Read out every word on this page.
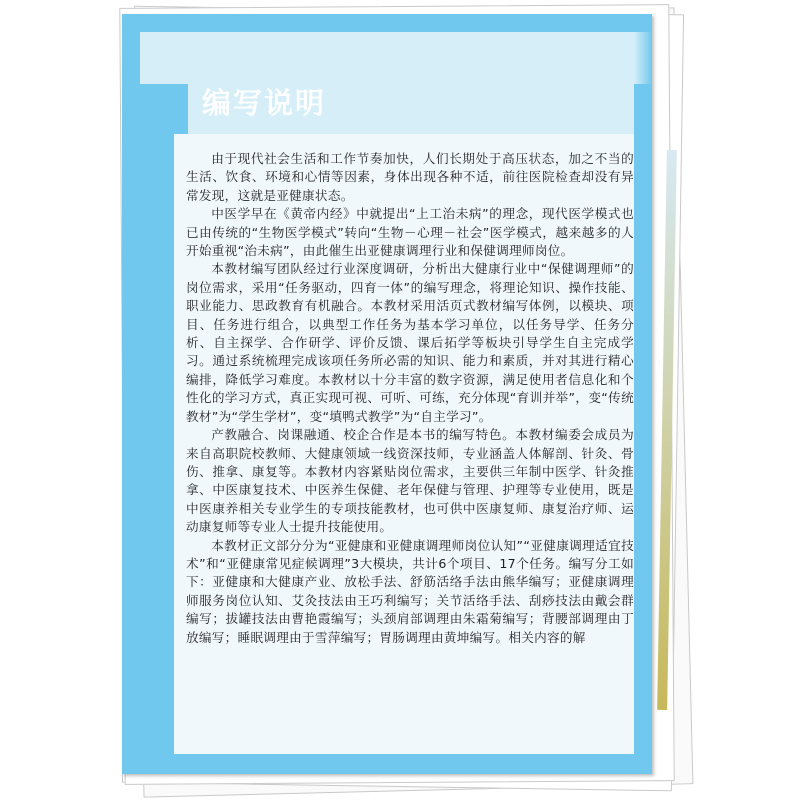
编写说明

由于现代社会生活和工作节奏加快，人们长期处于高压状态，加之不当的生活、饮食、环境和心情等因素，身体出现各种不适，前往医院检查却没有异常发现，这就是亚健康状态。

中医学早在《黄帝内经》中就提出“上工治未病”的理念，现代医学模式也已由传统的“生物医学模式”转向“生物－心理－社会”医学模式，越来越多的人开始重视“治未病”，由此催生出亚健康调理行业和保健调理师岗位。

本教材编写团队经过行业深度调研，分析出大健康行业中“保健调理师”的岗位需求，采用“任务驱动，四育一体”的编写理念，将理论知识、操作技能、职业能力、思政教育有机融合。本教材采用活页式教材编写体例，以模块、项目、任务进行组合，以典型工作任务为基本学习单位，以任务导学、任务分析、自主探学、合作研学、评价反馈、课后拓学等板块引导学生自主完成学习。通过系统梳理完成该项任务所必需的知识、能力和素质，并对其进行精心编排，降低学习难度。本教材以十分丰富的数字资源，满足使用者信息化和个性化的学习方式，真正实现可视、可听、可练，充分体现“育训并举”，变“传统教材”为“学生学材”，变“填鸭式教学”为“自主学习”。

产教融合、岗课融通、校企合作是本书的编写特色。本教材编委会成员为来自高职院校教师、大健康领域一线资深技师，专业涵盖人体解剖、针灸、骨伤、推拿、康复等。本教材内容紧贴岗位需求，主要供三年制中医学、针灸推拿、中医康复技术、中医养生保健、老年保健与管理、护理等专业使用，既是中医康养相关专业学生的专项技能教材，也可供中医康复师、康复治疗师、运动康复师等专业人士提升技能使用。

本教材正文部分分为“亚健康和亚健康调理师岗位认知”“亚健康调理适宜技术”和“亚健康常见症候调理”3大模块，共计6个项目、17个任务。编写分工如下：亚健康和大健康产业、放松手法、舒筋活络手法由熊华编写；亚健康调理师服务岗位认知、艾灸技法由王巧利编写；关节活络手法、刮痧技法由戴会群编写；拔罐技法由曹艳霞编写；头颈肩部调理由朱霜菊编写；背腰部调理由丁放编写；睡眠调理由于雪萍编写；胃肠调理由黄坤编写。相关内容的解
